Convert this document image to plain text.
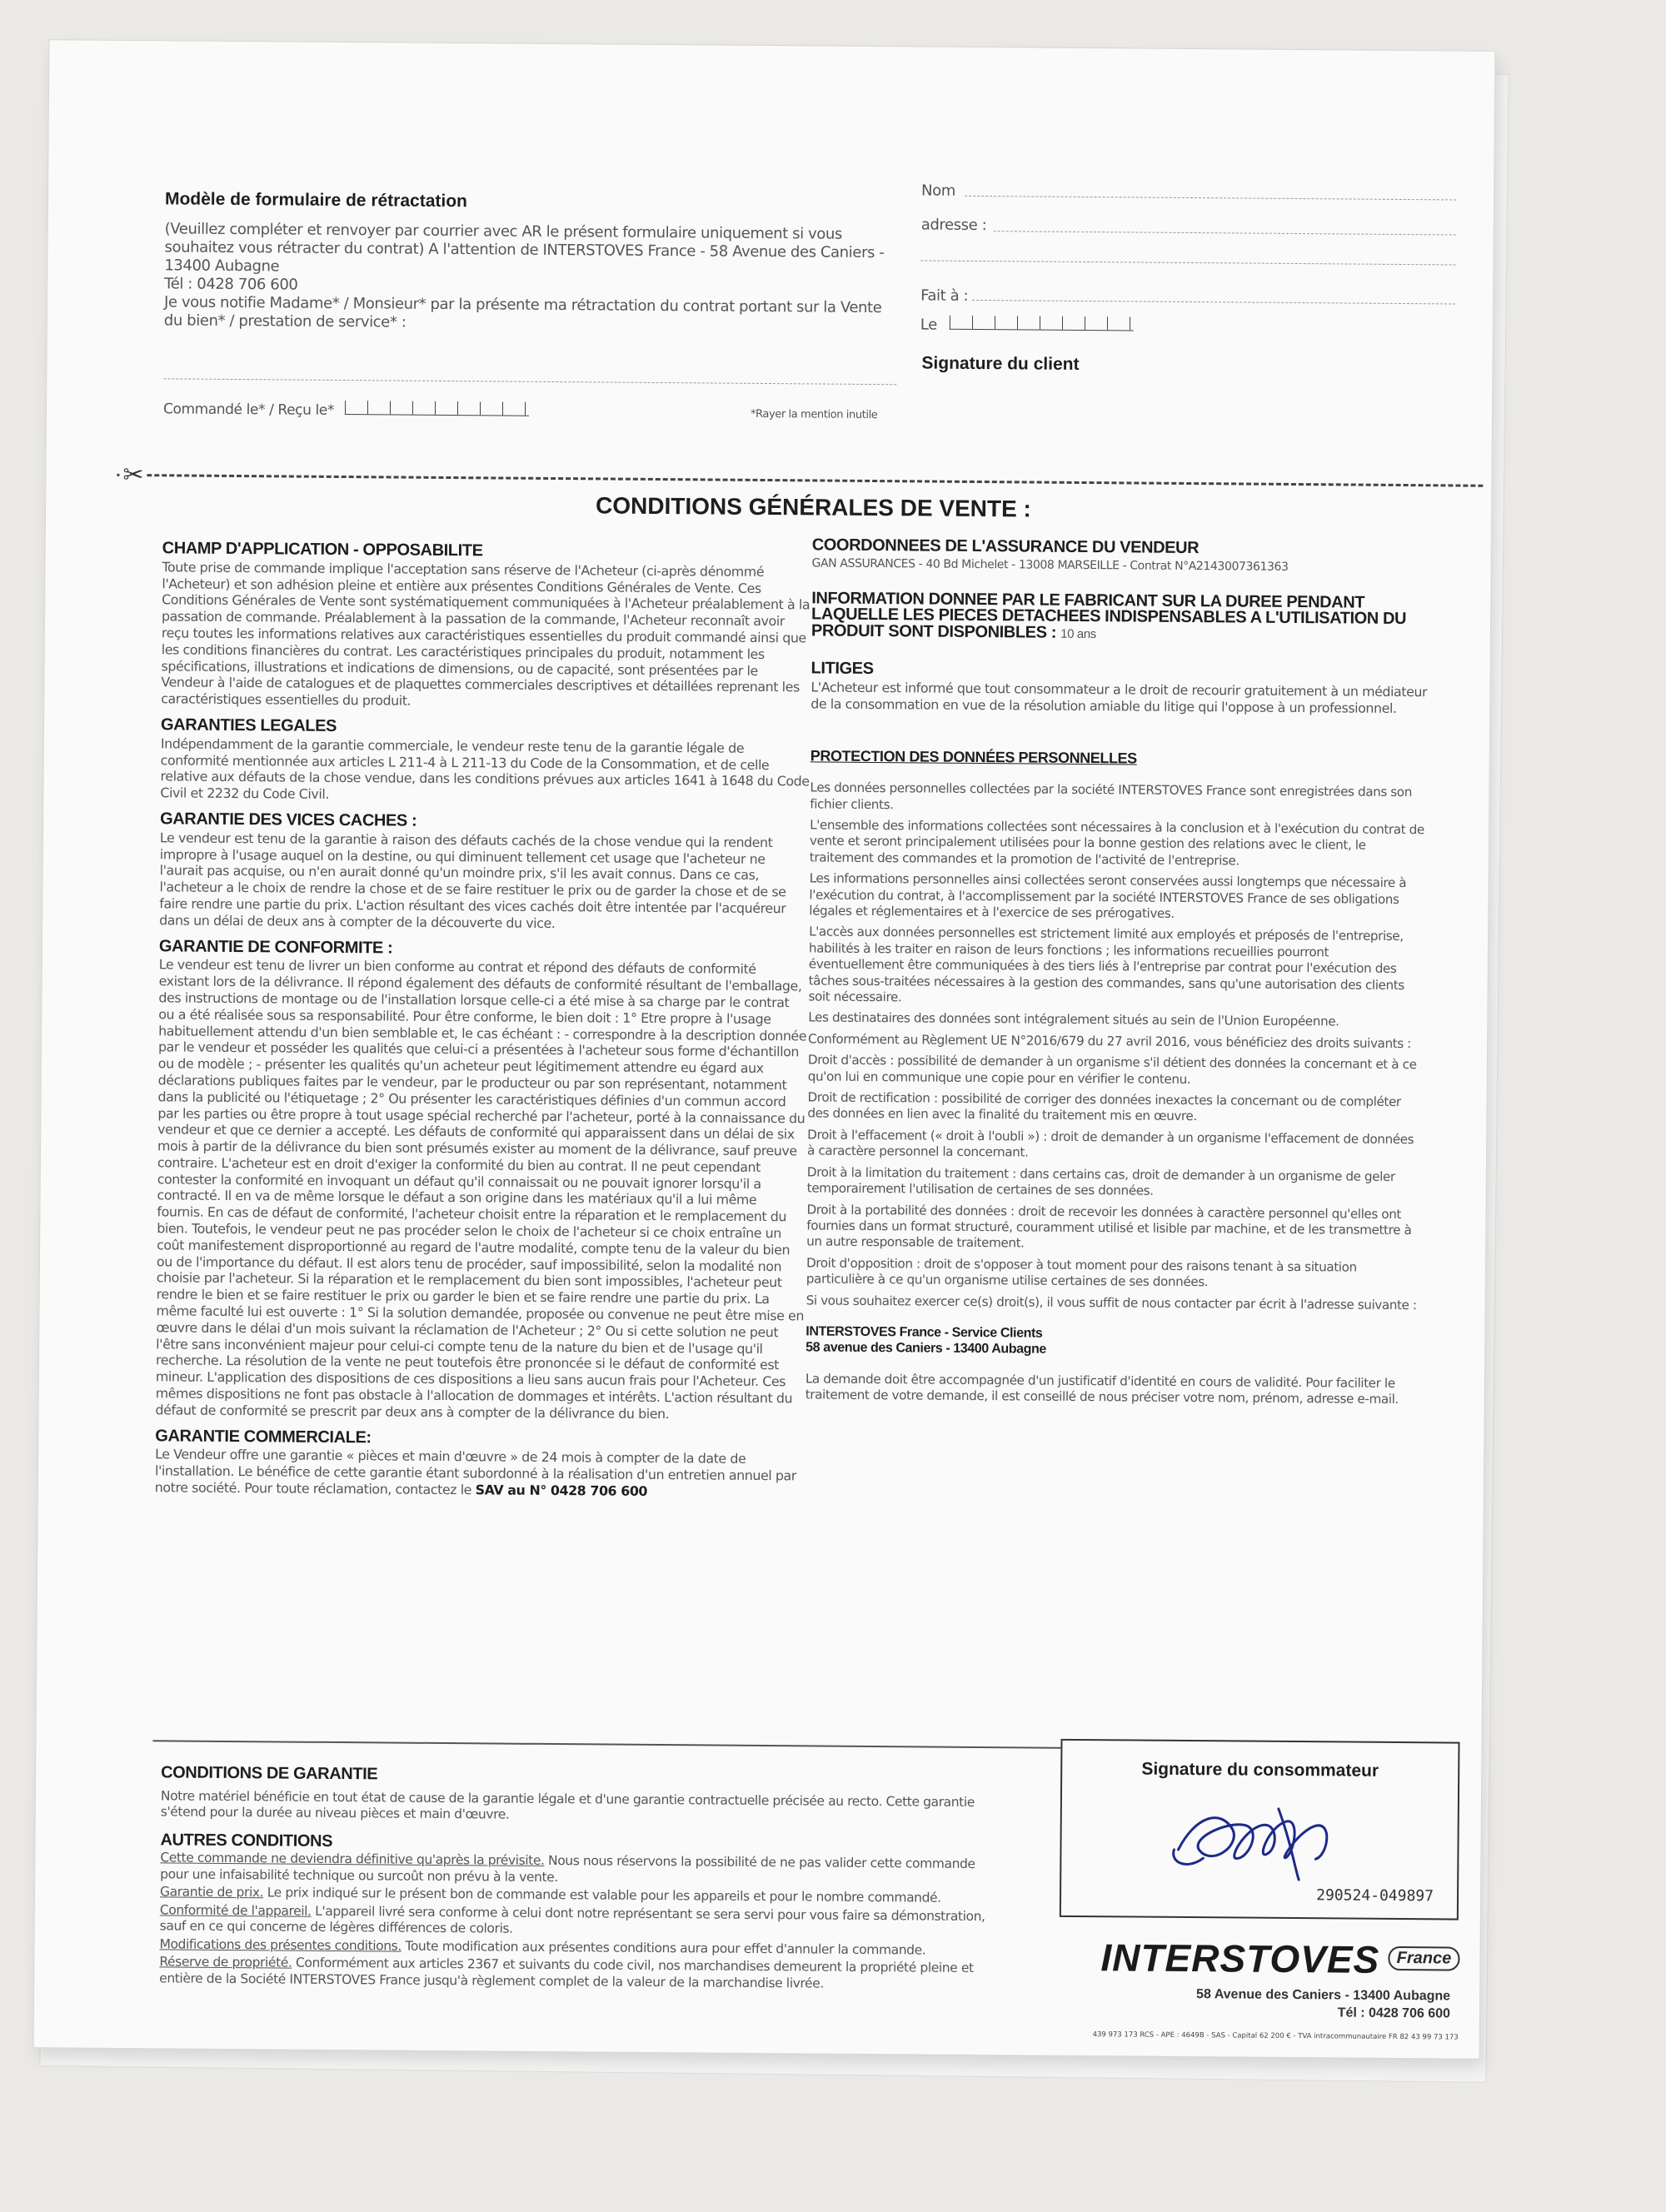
Modèle de formulaire de rétractation
(Veuillez compléter et renvoyer par courrier avec AR le présent formulaire uniquement si vous souhaitez vous rétracter du contrat) A l'attention de INTERSTOVES France - 58 Avenue des Caniers - 13400 Aubagne
Tél : 0428 706 600
Je vous notifie Madame* / Monsieur* par la présente ma rétractation du contrat portant sur la Vente du bien* / prestation de service* :
Commandé le* / Reçu le*	*Rayer la mention inutile
Nom
adresse :
Fait à :
Le
Signature du client
✂
CONDITIONS GÉNÉRALES DE VENTE :
CHAMP D'APPLICATION - OPPOSABILITE

Toute prise de commande implique l'acceptation sans réserve de l'Acheteur (ci-après dénommé l'Acheteur) et son adhésion pleine et entière aux présentes Conditions Générales de Vente. Ces Conditions Générales de Vente sont systématiquement communiquées à l'Acheteur préalablement à la passation de commande. Préalablement à la passation de la commande, l'Acheteur reconnaît avoir reçu toutes les informations relatives aux caractéristiques essentielles du produit commandé ainsi que les conditions financières du contrat. Les caractéristiques principales du produit, notamment les spécifications, illustrations et indications de dimensions, ou de capacité, sont présentées par le Vendeur à l'aide de catalogues et de plaquettes commerciales descriptives et détaillées reprenant les caractéristiques essentielles du produit.

GARANTIES LEGALES

Indépendamment de la garantie commerciale, le vendeur reste tenu de la garantie légale de conformité mentionnée aux articles L 211-4 à L 211-13 du Code de la Consommation, et de celle relative aux défauts de la chose vendue, dans les conditions prévues aux articles 1641 à 1648 du Code Civil et 2232 du Code Civil.

GARANTIE DES VICES CACHES :

Le vendeur est tenu de la garantie à raison des défauts cachés de la chose vendue qui la rendent impropre à l'usage auquel on la destine, ou qui diminuent tellement cet usage que l'acheteur ne l'aurait pas acquise, ou n'en aurait donné qu'un moindre prix, s'il les avait connus. Dans ce cas, l'acheteur a le choix de rendre la chose et de se faire restituer le prix ou de garder la chose et de se faire rendre une partie du prix. L'action résultant des vices cachés doit être intentée par l'acquéreur dans un délai de deux ans à compter de la découverte du vice.

GARANTIE DE CONFORMITE :

Le vendeur est tenu de livrer un bien conforme au contrat et répond des défauts de conformité existant lors de la délivrance. Il répond également des défauts de conformité résultant de l'emballage, des instructions de montage ou de l'installation lorsque celle-ci a été mise à sa charge par le contrat ou a été réalisée sous sa responsabilité. Pour être conforme, le bien doit : 1° Etre propre à l'usage habituellement attendu d'un bien semblable et, le cas échéant : - correspondre à la description donnée par le vendeur et posséder les qualités que celui-ci a présentées à l'acheteur sous forme d'échantillon ou de modèle ; - présenter les qualités qu'un acheteur peut légitimement attendre eu égard aux déclarations publiques faites par le vendeur, par le producteur ou par son représentant, notamment dans la publicité ou l'étiquetage ; 2° Ou présenter les caractéristiques définies d'un commun accord par les parties ou être propre à tout usage spécial recherché par l'acheteur, porté à la connaissance du vendeur et que ce dernier a accepté. Les défauts de conformité qui apparaissent dans un délai de six mois à partir de la délivrance du bien sont présumés exister au moment de la délivrance, sauf preuve contraire. L'acheteur est en droit d'exiger la conformité du bien au contrat. Il ne peut cependant contester la conformité en invoquant un défaut qu'il connaissait ou ne pouvait ignorer lorsqu'il a contracté. Il en va de même lorsque le défaut a son origine dans les matériaux qu'il a lui même fournis. En cas de défaut de conformité, l'acheteur choisit entre la réparation et le remplacement du bien. Toutefois, le vendeur peut ne pas procéder selon le choix de l'acheteur si ce choix entraîne un coût manifestement disproportionné au regard de l'autre modalité, compte tenu de la valeur du bien ou de l'importance du défaut. Il est alors tenu de procéder, sauf impossibilité, selon la modalité non choisie par l'acheteur. Si la réparation et le remplacement du bien sont impossibles, l'acheteur peut rendre le bien et se faire restituer le prix ou garder le bien et se faire rendre une partie du prix. La même faculté lui est ouverte : 1° Si la solution demandée, proposée ou convenue ne peut être mise en œuvre dans le délai d'un mois suivant la réclamation de l'Acheteur ; 2° Ou si cette solution ne peut l'être sans inconvénient majeur pour celui-ci compte tenu de la nature du bien et de l'usage qu'il recherche. La résolution de la vente ne peut toutefois être prononcée si le défaut de conformité est mineur. L'application des dispositions de ces dispositions a lieu sans aucun frais pour l'Acheteur. Ces mêmes dispositions ne font pas obstacle à l'allocation de dommages et intérêts. L'action résultant du défaut de conformité se prescrit par deux ans à compter de la délivrance du bien.

GARANTIE COMMERCIALE:

Le Vendeur offre une garantie « pièces et main d'œuvre » de 24 mois à compter de la date de l'installation. Le bénéfice de cette garantie étant subordonné à la réalisation d'un entretien annuel par notre société. Pour toute réclamation, contactez le SAV au N° 0428 706 600

COORDONNEES DE L'ASSURANCE DU VENDEUR

GAN ASSURANCES - 40 Bd Michelet - 13008 MARSEILLE - Contrat N°A2143007361363

INFORMATION DONNEE PAR LE FABRICANT SUR LA DUREE PENDANT LAQUELLE LES PIECES DETACHEES INDISPENSABLES A L'UTILISATION DU PRODUIT SONT DISPONIBLES : 10 ans
LITIGES

L'Acheteur est informé que tout consommateur a le droit de recourir gratuitement à un médiateur de la consommation en vue de la résolution amiable du litige qui l'oppose à un professionnel.

PROTECTION DES DONNÉES PERSONNELLES

Les données personnelles collectées par la société INTERSTOVES France sont enregistrées dans son fichier clients.

L'ensemble des informations collectées sont nécessaires à la conclusion et à l'exécution du contrat de vente et seront principalement utilisées pour la bonne gestion des relations avec le client, le traitement des commandes et la promotion de l'activité de l'entreprise.

Les informations personnelles ainsi collectées seront conservées aussi longtemps que nécessaire à l'exécution du contrat, à l'accomplissement par la société INTERSTOVES France de ses obligations légales et réglementaires et à l'exercice de ses prérogatives.

L'accès aux données personnelles est strictement limité aux employés et préposés de l'entreprise, habilités à les traiter en raison de leurs fonctions ; les informations recueillies pourront éventuellement être communiquées à des tiers liés à l'entreprise par contrat pour l'exécution des tâches sous-traitées nécessaires à la gestion des commandes, sans qu'une autorisation des clients soit nécessaire.

Les destinataires des données sont intégralement situés au sein de l'Union Européenne.

Conformément au Règlement UE N°2016/679 du 27 avril 2016, vous bénéficiez des droits suivants :

Droit d'accès : possibilité de demander à un organisme s'il détient des données la concernant et à ce qu'on lui en communique une copie pour en vérifier le contenu.

Droit de rectification : possibilité de corriger des données inexactes la concernant ou de compléter des données en lien avec la finalité du traitement mis en œuvre.

Droit à l'effacement (« droit à l'oubli ») : droit de demander à un organisme l'effacement de données à caractère personnel la concernant.

Droit à la limitation du traitement : dans certains cas, droit de demander à un organisme de geler temporairement l'utilisation de certaines de ses données.

Droit à la portabilité des données : droit de recevoir les données à caractère personnel qu'elles ont fournies dans un format structuré, couramment utilisé et lisible par machine, et de les transmettre à un autre responsable de traitement.

Droit d'opposition : droit de s'opposer à tout moment pour des raisons tenant à sa situation particulière à ce qu'un organisme utilise certaines de ses données.

Si vous souhaitez exercer ce(s) droit(s), il vous suffit de nous contacter par écrit à l'adresse suivante :

INTERSTOVES France - Service Clients
58 avenue des Caniers - 13400 Aubagne

La demande doit être accompagnée d'un justificatif d'identité en cours de validité. Pour faciliter le traitement de votre demande, il est conseillé de nous préciser votre nom, prénom, adresse e-mail.

CONDITIONS DE GARANTIE

Notre matériel bénéficie en tout état de cause de la garantie légale et d'une garantie contractuelle précisée au recto. Cette garantie s'étend pour la durée au niveau pièces et main d'œuvre.

AUTRES CONDITIONS

Cette commande ne deviendra définitive qu'après la prévisite. Nous nous réservons la possibilité de ne pas valider cette commande pour une infaisabilité technique ou surcoût non prévu à la vente.

Garantie de prix. Le prix indiqué sur le présent bon de commande est valable pour les appareils et pour le nombre commandé.

Conformité de l'appareil. L'appareil livré sera conforme à celui dont notre représentant se sera servi pour vous faire sa démonstration, sauf en ce qui concerne de légères différences de coloris.

Modifications des présentes conditions. Toute modification aux présentes conditions aura pour effet d'annuler la commande.

Réserve de propriété. Conformément aux articles 2367 et suivants du code civil, nos marchandises demeurent la propriété pleine et entière de la Société INTERSTOVES France jusqu'à règlement complet de la valeur de la marchandise livrée.

Signature du consommateur
290524-049897
INTERSTOVES France
58 Avenue des Caniers - 13400 Aubagne
Tél : 0428 706 600
439 973 173 RCS - APE : 4649B - SAS - Capital 62 200 € - TVA intracommunautaire FR 82 43 99 73 173
